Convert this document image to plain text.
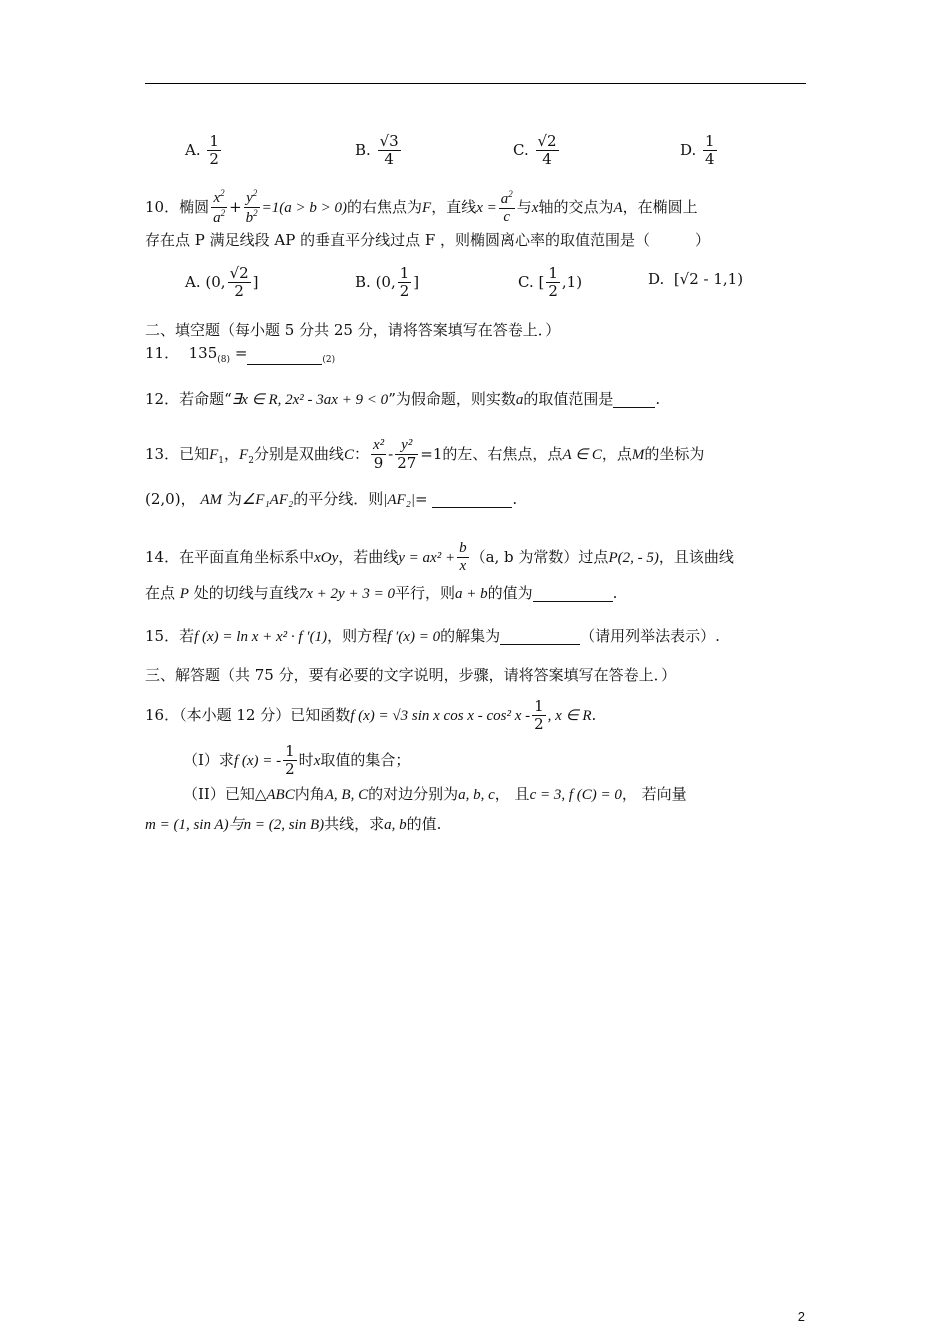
A. $\frac{1}{2}$	B. $\frac{√3}{4}$	C. $\frac{√2}{4}$	D. $\frac{1}{4}$
10．椭圆 $\frac{x^2}{a^2} + \frac{y^2}{b^2} =1(a > b > 0)$的右焦点为F，直线$x = \frac{a^2}{c}$ 与x轴的交点为A，在椭圆上
存在点 P 满足线段 AP 的垂直平分线过点 F ，则椭圆离心率的取值范围是（　　　）
A. (0, $\frac{√2}{2}$ ]	B. (0, $\frac{1}{2}$ ]	C. [ $\frac{1}{2} ,1$)	D. [√2 - 1,1)
二、填空题（每小题 5 分共 25 分，请将答案填写在答卷上．）
11． $135_{(8)}$ =	$_{(2)}$
12．若命题“∃x ∈ R, 2x² - 3ax + 9 < 0”为假命题，则实数a的取值范围是	.
13．已知$F_1$，$F_2$分别是双曲线C： $\frac{\text{x²}}{9} - \frac{\text{y²}}{27} =1$的左、右焦点，点A ∈ C，点M的坐标为
(2,0)， AM 为∠F₁AF₂的平分线．则|AF₂|=	.
14．在平面直角坐标系中xOy，若曲线$y = ax^2 + \frac{b}{x} (a$, b 为常数）过点P(2, - 5)，且该曲线
在点 P 处的切线与直线7x + 2y + 3 = 0平行，则a + b的值为	.
15．若f (x) = ln x + x² · f ′(1)，则方程f ′(x) = 0的解集为	（请用列举法表示）.
三、解答题（共 75 分，要有必要的文字说明，步骤，请将答案填写在答卷上．）
16．（本小题 12 分）已知函数f (x) = √3 sin x cos x - cos² x - $\frac{1}{2}$ , x ∈ R.
（I）求f (x) = - $\frac{1}{2}$ 时x取值的集合；
（II）已知△ABC内角A, B, C的对边分别为a, b, c， 且c = 3, f (C) = 0， 若向量
m = (1, sin A)与n = (2, sin B)共线，求a, b的值.
2
